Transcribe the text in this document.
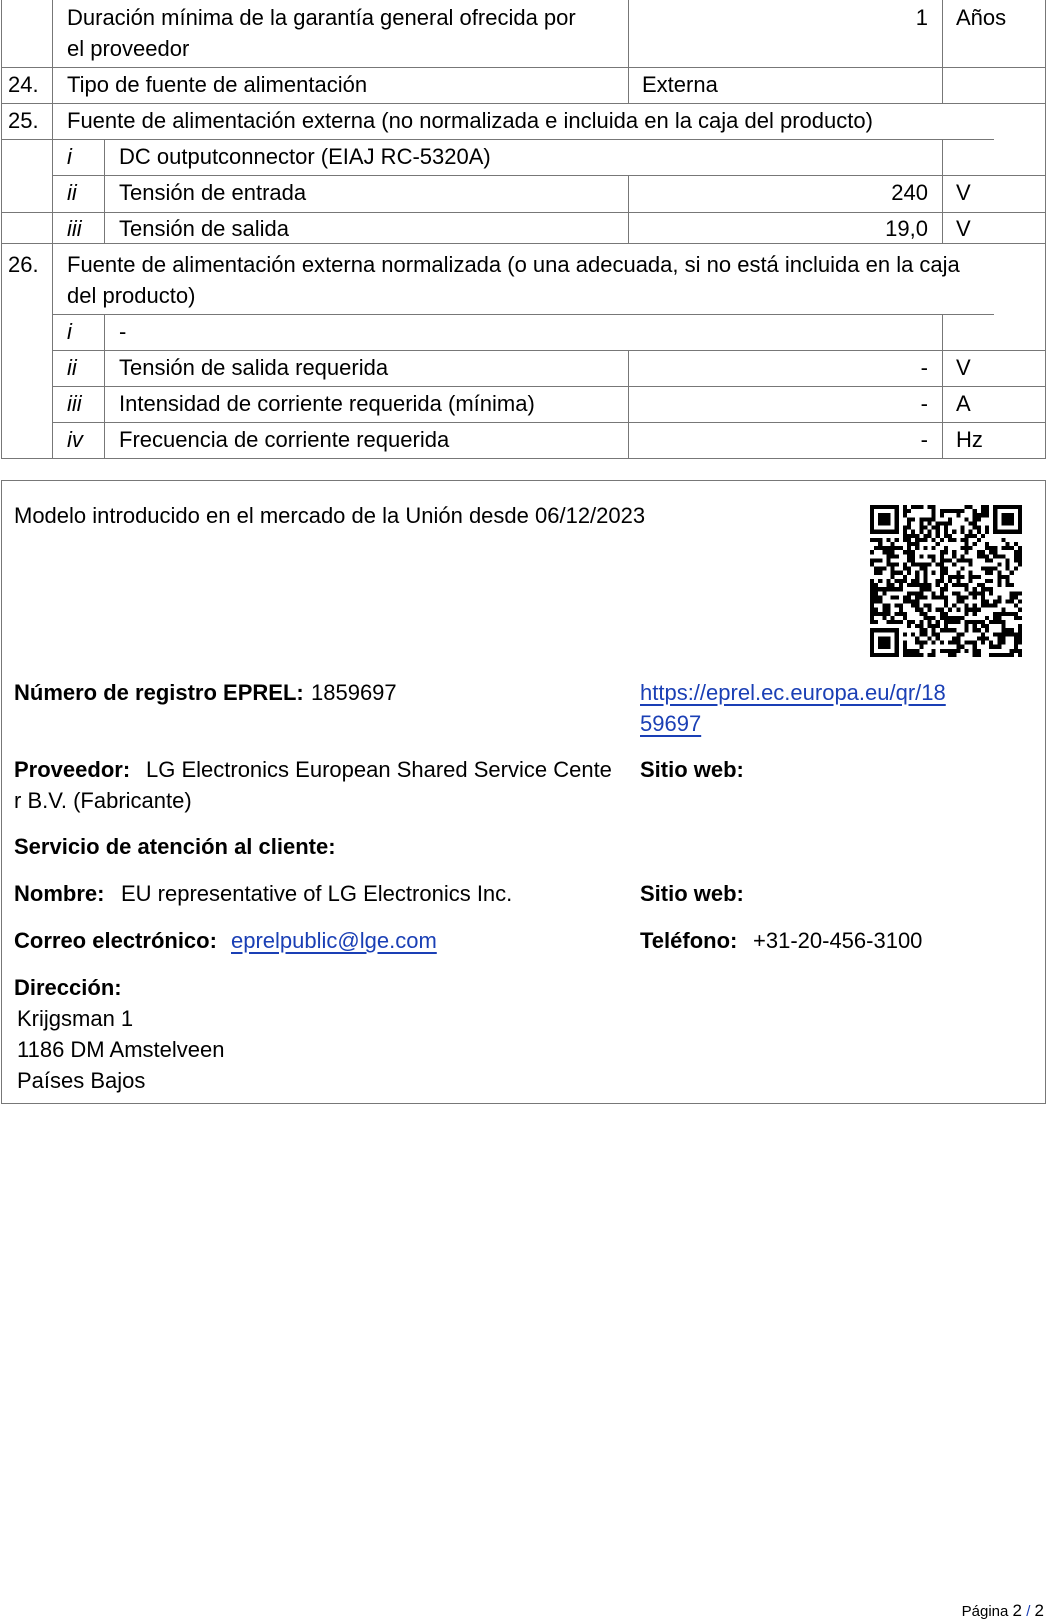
Duración mínima de la garantía general ofrecida por
el proveedor
1 Años
24. Tipo de fuente de alimentación	Externa
25. Fuente de alimentación externa (no normalizada e incluida en la caja del producto)
i DC outputconnector (EIAJ RC-5320A)
ii Tensión de entrada	240 V
iii Tensión de salida	19,0 V
26. Fuente de alimentación externa normalizada (o una adecuada, si no está incluida en la caja
del producto)
i -
ii Tensión de salida requerida	- V
iii Intensidad de corriente requerida (mínima)	- A
iv Frecuencia de corriente requerida	- Hz
Modelo introducido en el mercado de la Unión desde 06/12/2023
Número de registro EPREL: 1859697	https://eprel.ec.europa.eu/qr/18
59697
Proveedor: LG Electronics European Shared Service Cente
r B.V. (Fabricante)
Sitio web:
Servicio de atención al cliente:
Nombre: EU representative of LG Electronics Inc.	Sitio web:
Correo electrónico: eprelpublic@lge.com	Teléfono: +31-20-456-3100
Dirección:
Krijgsman 1
1186 DM Amstelveen
Países Bajos
Página 2 / 2
